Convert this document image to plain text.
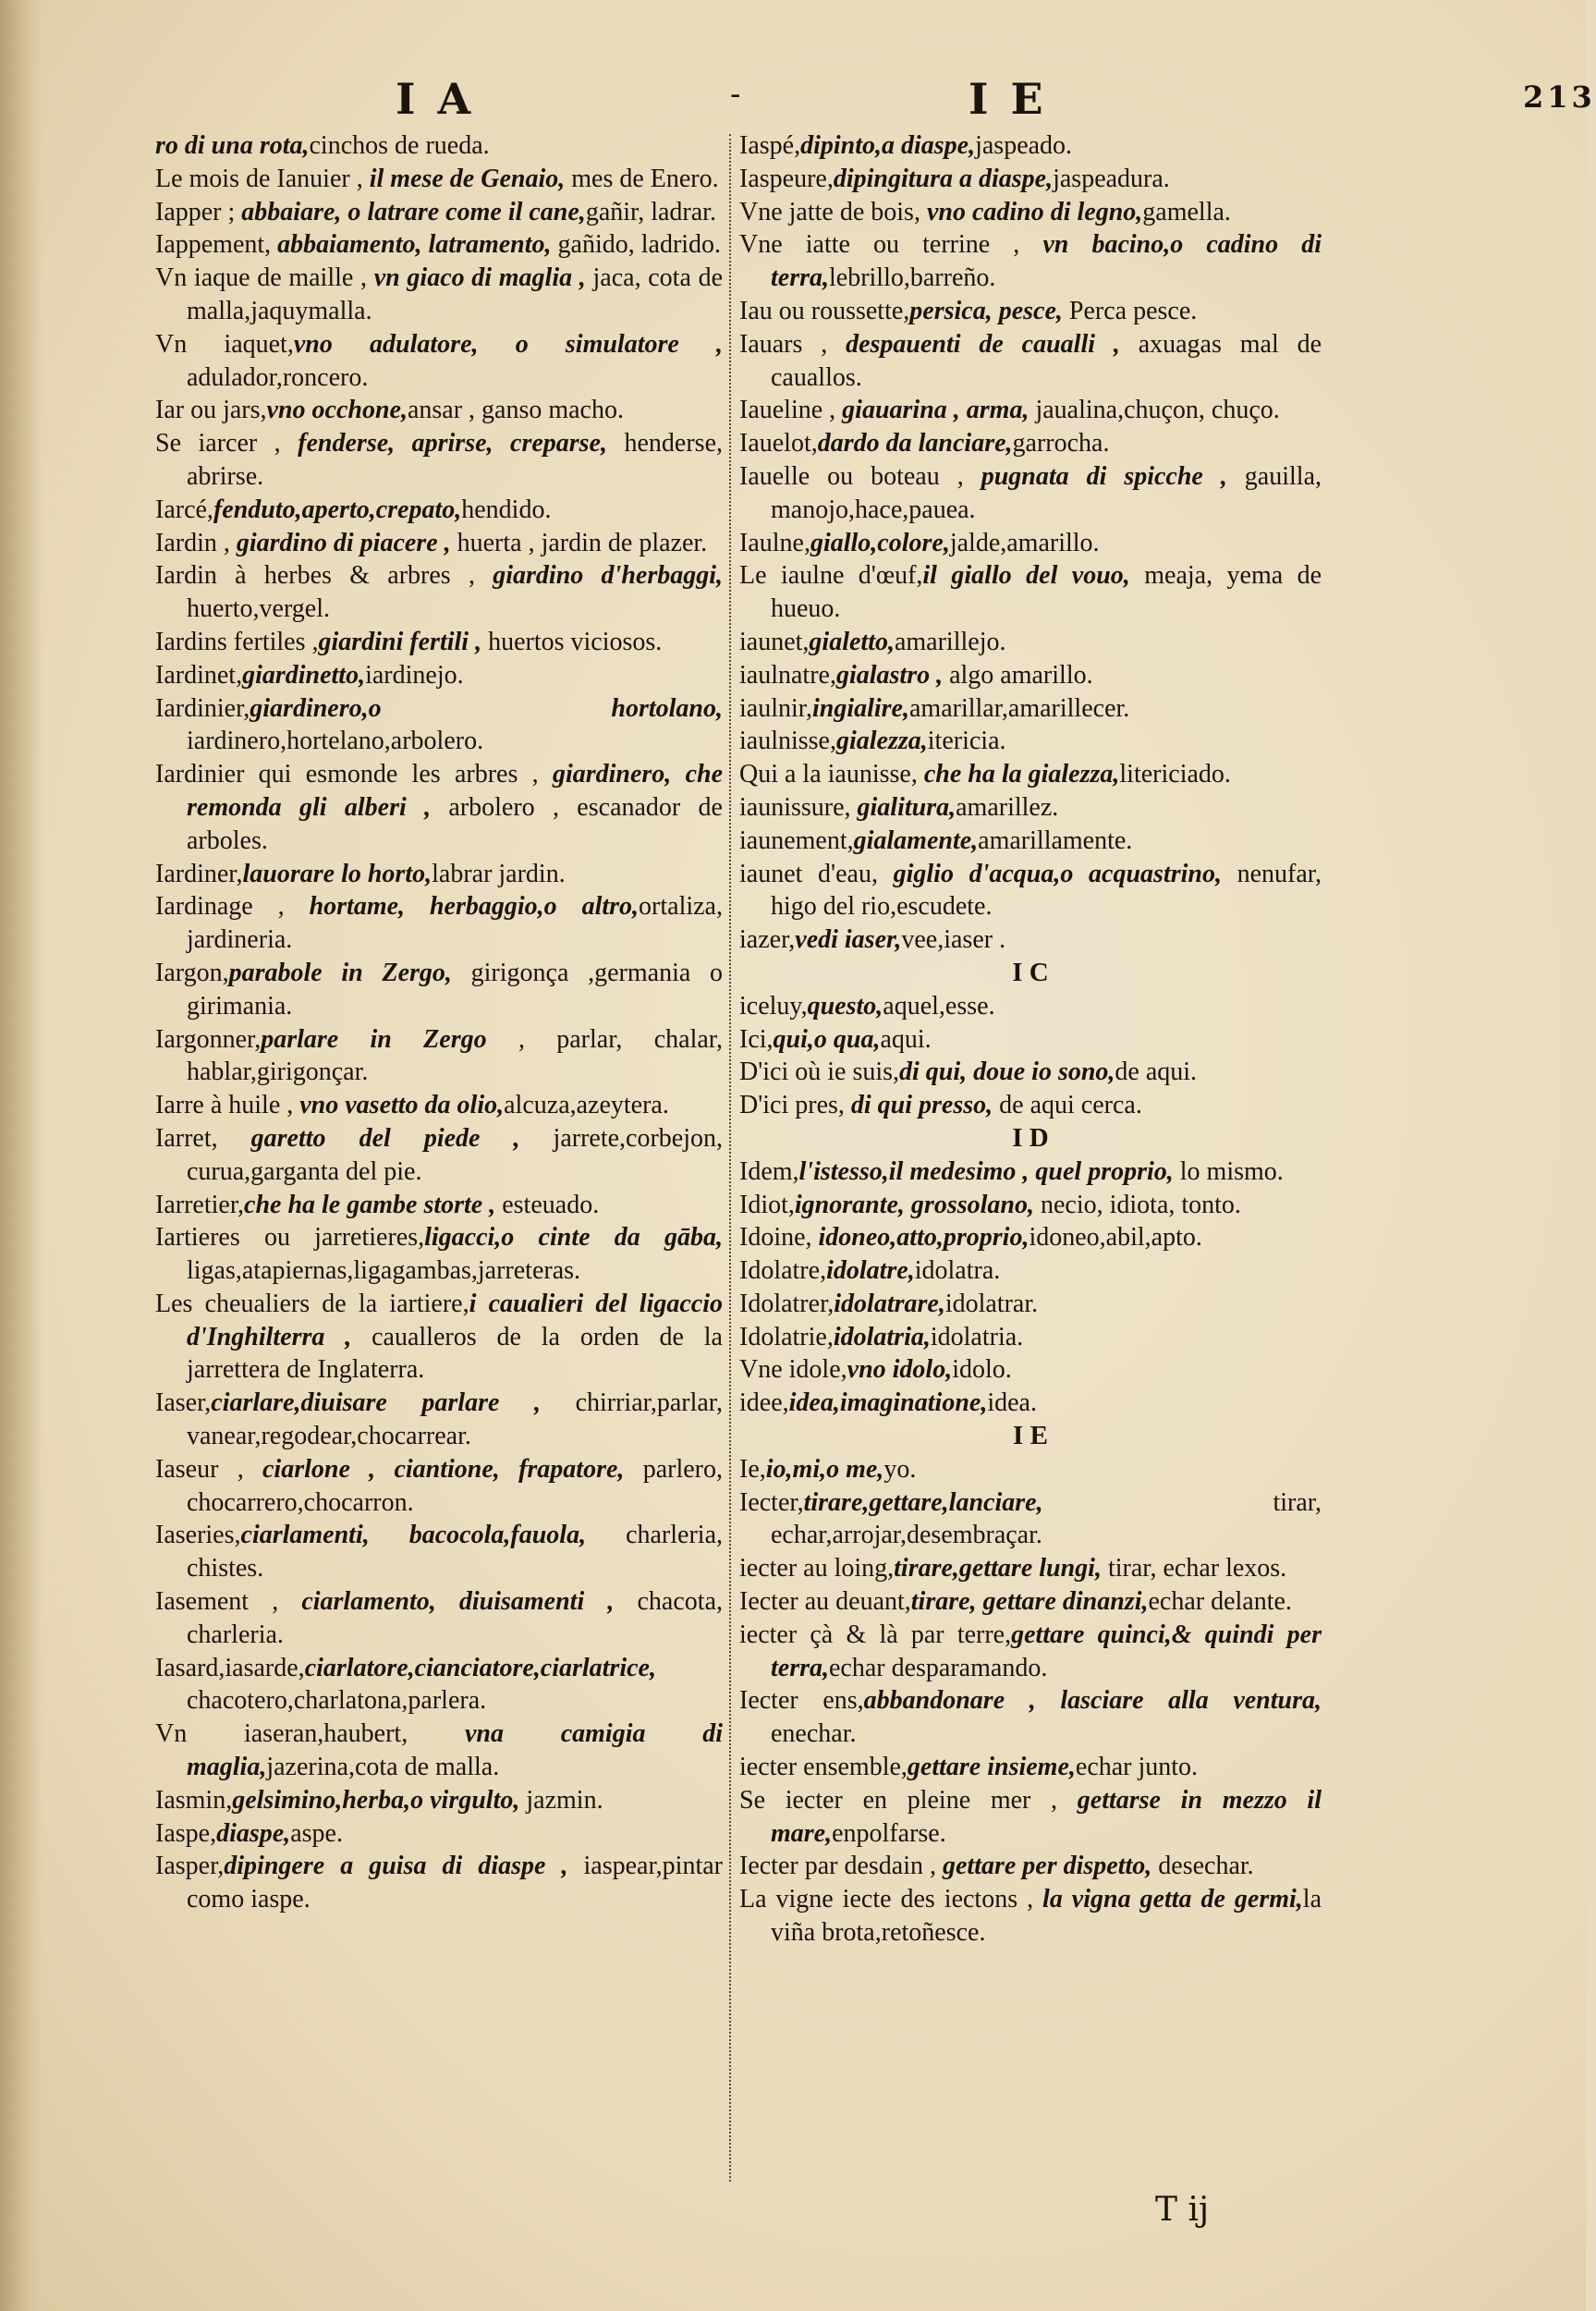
I A	-	I E	213

ro di una rota,cinchos de rueda.

Le mois de Ianuier , il mese de Genaio, mes de Enero.

Iapper ; abbaiare, o latrare come il cane,gañir, ladrar.

Iappement, abbaiamento, latramento, gañido, ladrido.

Vn iaque de maille , vn giaco di maglia , jaca, cota de malla,jaquymalla.

Vn iaquet,vno adulatore, o simulatore , adulador,roncero.

Iar ou jars,vno occhone,ansar , ganso macho.

Se iarcer , fenderse, aprirse, creparse, henderse, abrirse.

Iarcé,fenduto,aperto,crepato,hendido.

Iardin , giardino di piacere , huerta , jardin de plazer.

Iardin à herbes & arbres , giardino d'herbaggi, huerto,vergel.

Iardins fertiles ,giardini fertili , huertos viciosos.

Iardinet,giardinetto,iardinejo.

Iardinier,giardinero,o hortolano, iardinero,hortelano,arbolero.

Iardinier qui esmonde les arbres , giardinero, che remonda gli alberi , arbolero , escanador de arboles.

Iardiner,lauorare lo horto,labrar jardin.

Iardinage , hortame, herbaggio,o altro,ortaliza, jardineria.

Iargon,parabole in Zergo, girigonça ,germania o girimania.

Iargonner,parlare in Zergo , parlar, chalar, hablar,girigonçar.

Iarre à huile , vno vasetto da olio,alcuza,azeytera.

Iarret, garetto del piede , jarrete,corbejon, curua,garganta del pie.

Iarretier,che ha le gambe storte , esteuado.

Iartieres ou jarretieres,ligacci,o cinte da gāba, ligas,atapiernas,ligagambas,jarreteras.

Les cheualiers de la iartiere,i caualieri del ligaccio d'Inghilterra , caualleros de la orden de la jarrettera de Inglaterra.

Iaser,ciarlare,diuisare parlare , chirriar,parlar, vanear,regodear,chocarrear.

Iaseur , ciarlone , ciantione, frapatore, parlero, chocarrero,chocarron.

Iaseries,ciarlamenti, bacocola,fauola, charleria, chistes.

Iasement , ciarlamento, diuisamenti , chacota, charleria.

Iasard,iasarde,ciarlatore,cianciatore,ciarlatrice, chacotero,charlatona,parlera.

Vn iaseran,haubert, vna camigia di maglia,jazerina,cota de malla.

Iasmin,gelsimino,herba,o virgulto, jazmin.

Iaspe,diaspe,aspe.

Iasper,dipingere a guisa di diaspe , iaspear,pintar como iaspe.

Iaspé,dipinto,a diaspe,jaspeado.

Iaspeure,dipingitura a diaspe,jaspeadura.

Vne jatte de bois, vno cadino di legno,gamella.

Vne iatte ou terrine , vn bacino,o cadino di terra,lebrillo,barreño.

Iau ou roussette,persica, pesce, Perca pesce.

Iauars , despauenti de caualli , axuagas mal de cauallos.

Iaueline , giauarina , arma, jaualina,chuçon, chuço.

Iauelot,dardo da lanciare,garrocha.

Iauelle ou boteau , pugnata di spicche , gauilla, manojo,hace,pauea.

Iaulne,giallo,colore,jalde,amarillo.

Le iaulne d'œuf,il giallo del vouo, meaja, yema de hueuo.

iaunet,gialetto,amarillejo.

iaulnatre,gialastro , algo amarillo.

iaulnir,ingialire,amarillar,amarillecer.

iaulnisse,gialezza,itericia.

Qui a la iaunisse, che ha la gialezza,litericiado.

iaunissure, gialitura,amarillez.

iaunement,gialamente,amarillamente.

iaunet d'eau, giglio d'acqua,o acquastrino, nenufar, higo del rio,escudete.

iazer,vedi iaser,vee,iaser .

I C

iceluy,questo,aquel,esse.

Ici,qui,o qua,aqui.

D'ici où ie suis,di qui, doue io sono,de aqui.

D'ici pres, di qui presso, de aqui cerca.

I D

Idem,l'istesso,il medesimo , quel proprio, lo mismo.

Idiot,ignorante, grossolano, necio, idiota, tonto.

Idoine, idoneo,atto,proprio,idoneo,abil,apto.

Idolatre,idolatre,idolatra.

Idolatrer,idolatrare,idolatrar.

Idolatrie,idolatria,idolatria.

Vne idole,vno idolo,idolo.

idee,idea,imaginatione,idea.

I E

Ie,io,mi,o me,yo.

Iecter,tirare,gettare,lanciare, tirar, echar,arrojar,desembraçar.

iecter au loing,tirare,gettare lungi, tirar, echar lexos.

Iecter au deuant,tirare, gettare dinanzi,echar delante.

iecter çà & là par terre,gettare quinci,& quindi per terra,echar desparamando.

Iecter ens,abbandonare , lasciare alla ventura, enechar.

iecter ensemble,gettare insieme,echar junto.

Se iecter en pleine mer , gettarse in mezzo il mare,enpolfarse.

Iecter par desdain , gettare per dispetto, desechar.

La vigne iecte des iectons , la vigna getta de germi,la viña brota,retoñesce.

T ij
